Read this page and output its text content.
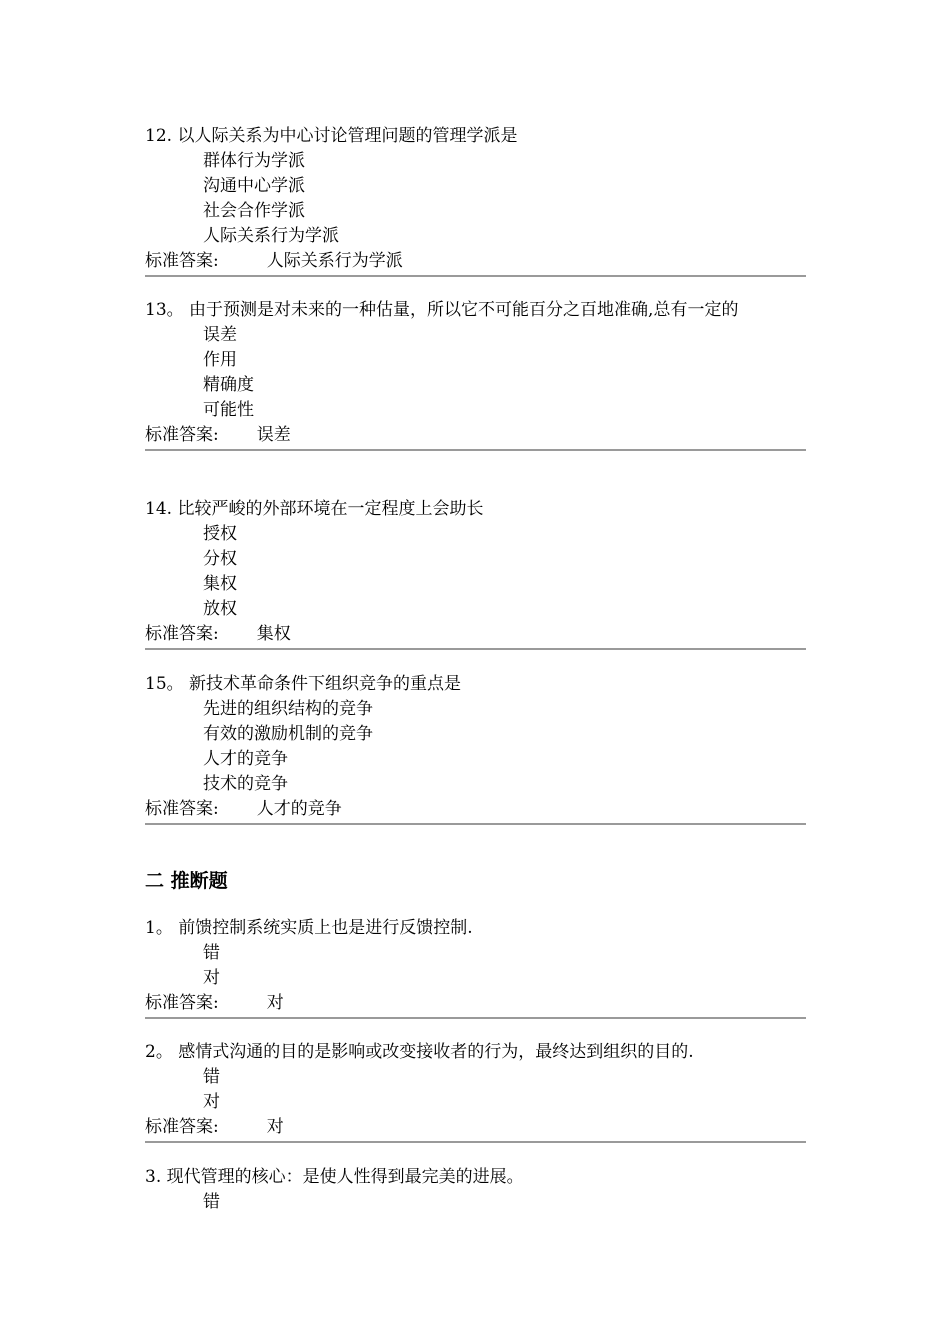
12. 以人际关系为中心讨论管理问题的管理学派是

群体行为学派

沟通中心学派

社会合作学派

人际关系行为学派

标准答案:	人际关系行为学派

13。 由于预测是对未来的一种估量，所以它不可能百分之百地准确,总有一定的

误差

作用

精确度

可能性

标准答案: 误差

14. 比较严峻的外部环境在一定程度上会助长

授权

分权

集权

放权

标准答案: 集权

15。 新技术革命条件下组织竞争的重点是

先进的组织结构的竞争

有效的激励机制的竞争

人才的竞争

技术的竞争

标准答案: 人才的竞争

二 推断题

1。 前馈控制系统实质上也是进行反馈控制.

错

对

标准答案:	对

2。 感情式沟通的目的是影响或改变接收者的行为，最终达到组织的目的.

错

对

标准答案:	对

3. 现代管理的核心：是使人性得到最完美的进展。

错
